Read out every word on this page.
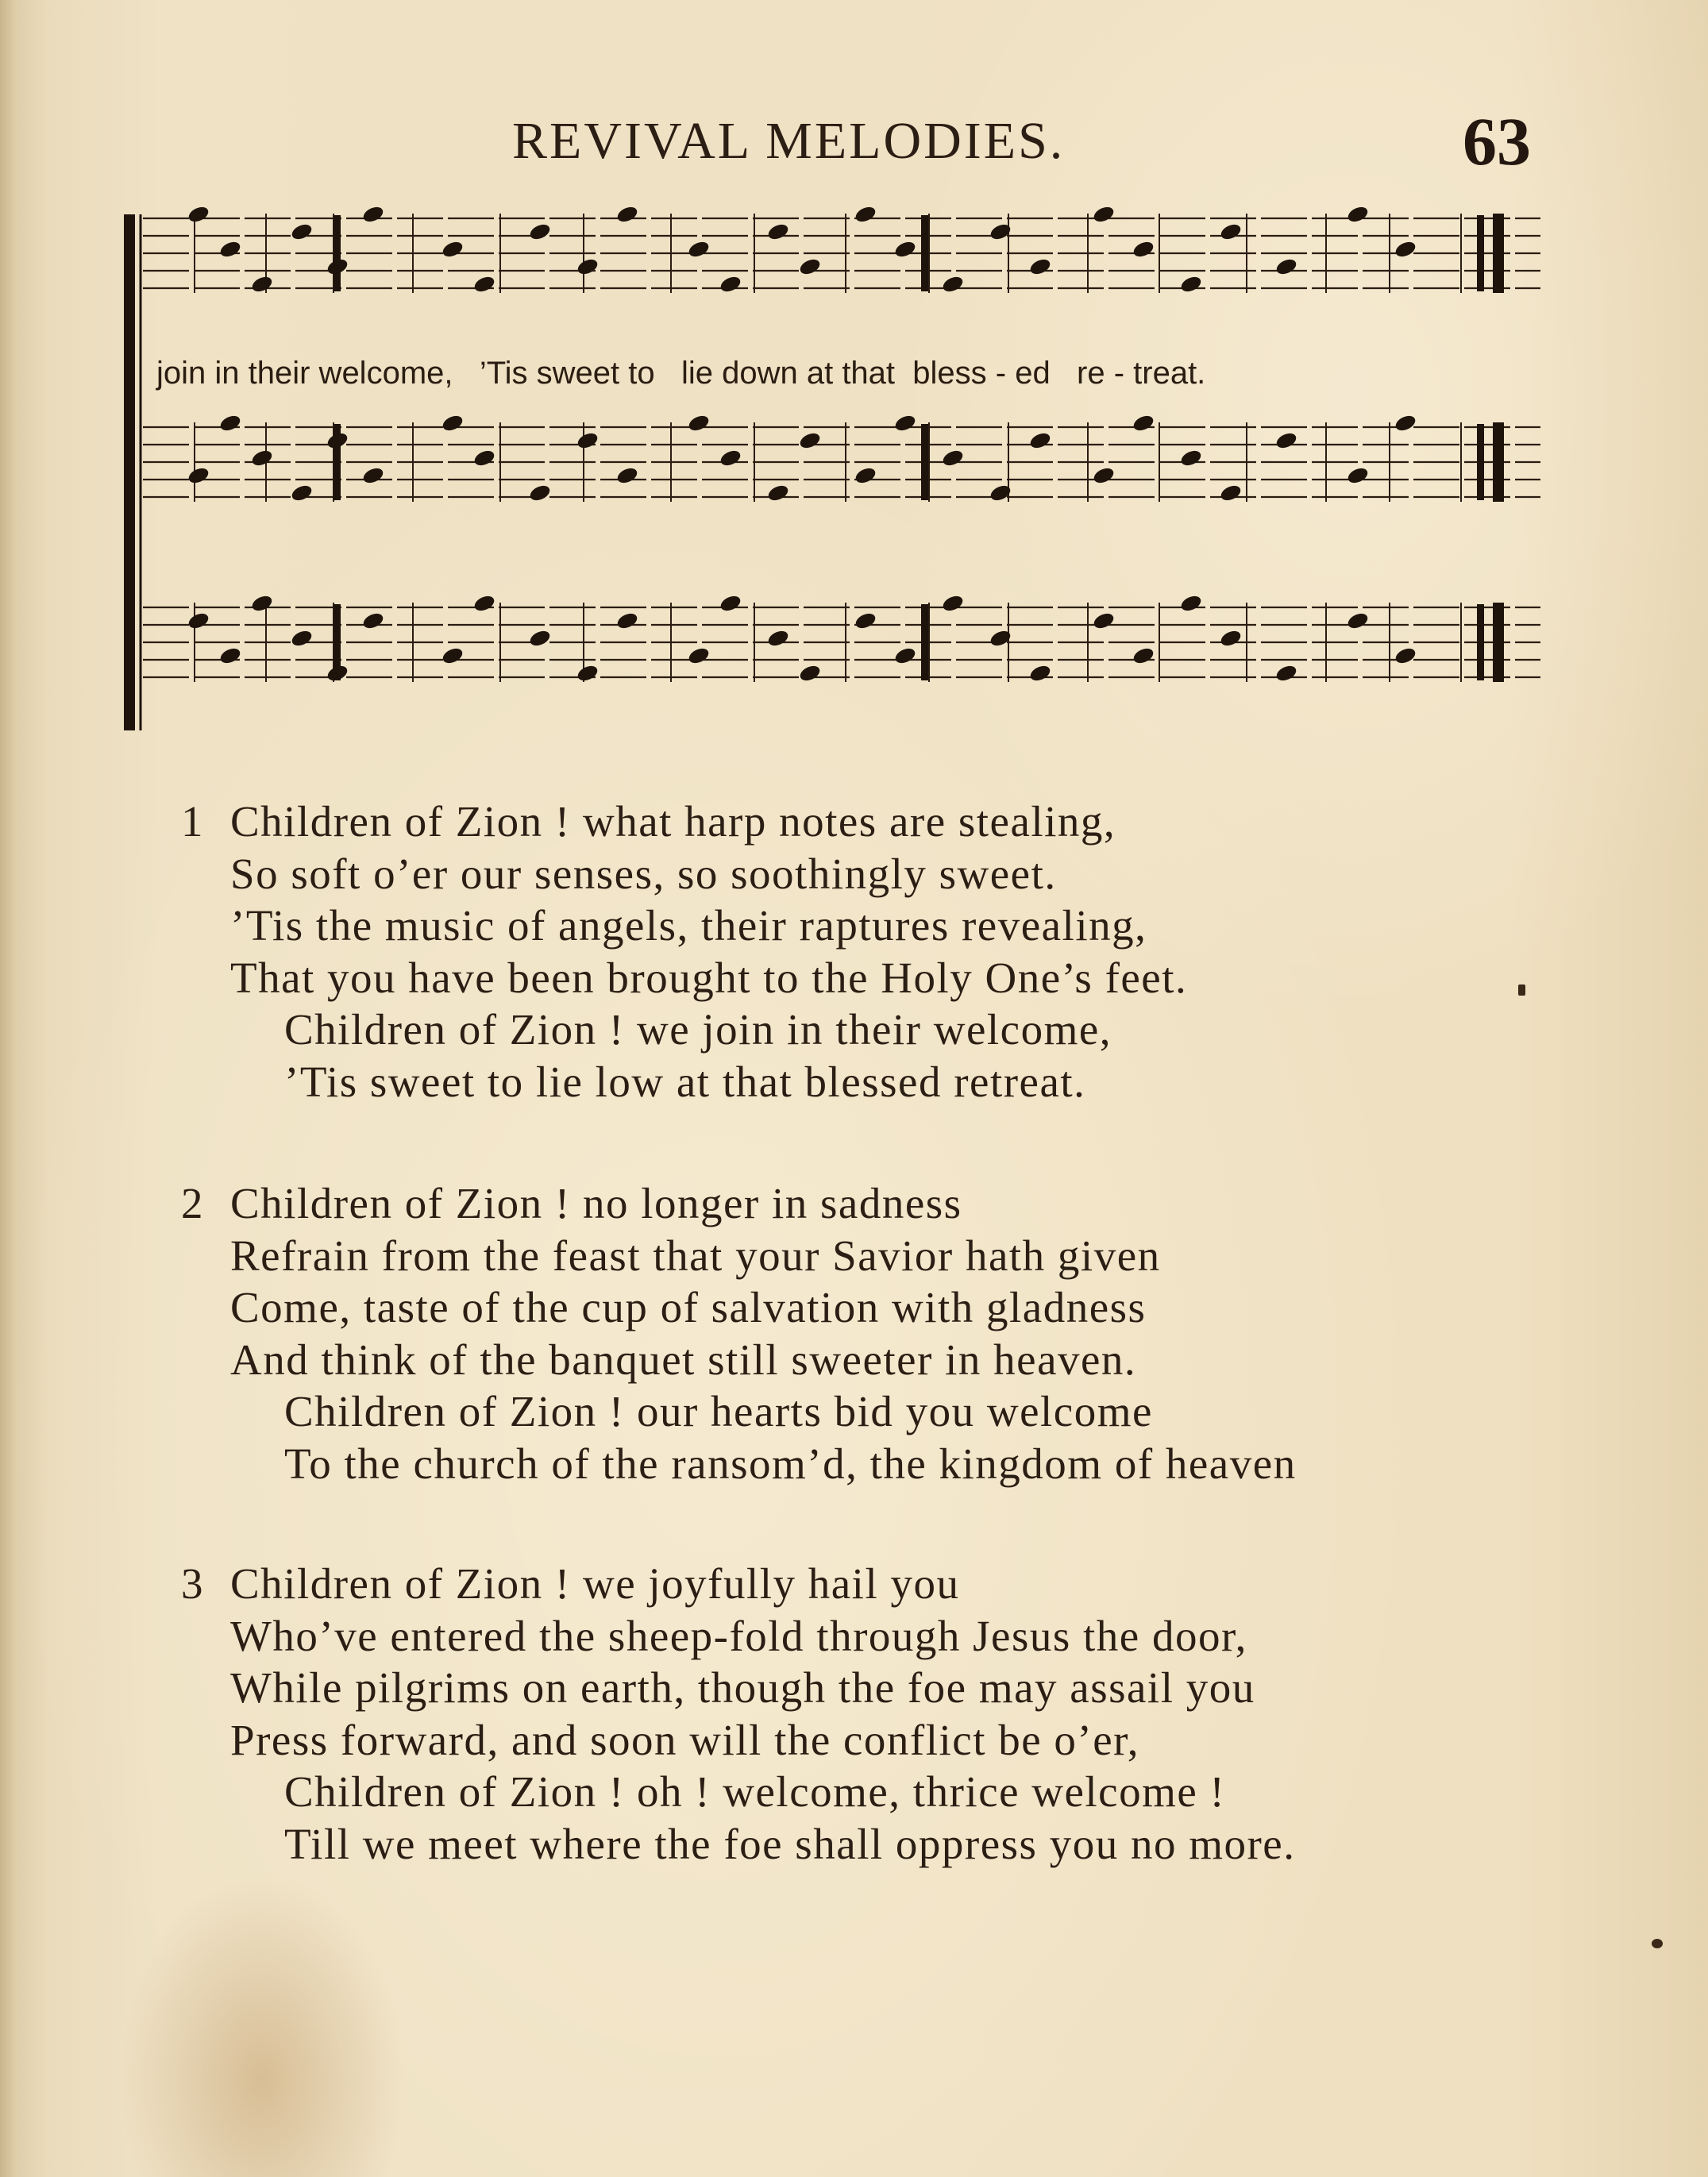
REVIVAL MELODIES.	63
join in their welcome,   ’Tis sweet to   lie down at that  bless - ed   re - treat.
1 Children of Zion ! what harp notes are stealing,
So soft o’er our senses, so soothingly sweet.
’Tis the music of angels, their raptures revealing,
That you have been brought to the Holy One’s feet.
Children of Zion ! we join in their welcome,
’Tis sweet to lie low at that blessed retreat.
2 Children of Zion ! no longer in sadness
Refrain from the feast that your Savior hath given
Come, taste of the cup of salvation with gladness
And think of the banquet still sweeter in heaven.
Children of Zion ! our hearts bid you welcome
To the church of the ransom’d, the kingdom of heaven
3 Children of Zion ! we joyfully hail you
Who’ve entered the sheep-fold through Jesus the door,
While pilgrims on earth, though the foe may assail you
Press forward, and soon will the conflict be o’er,
Children of Zion ! oh ! welcome, thrice welcome !
Till we meet where the foe shall oppress you no more.
